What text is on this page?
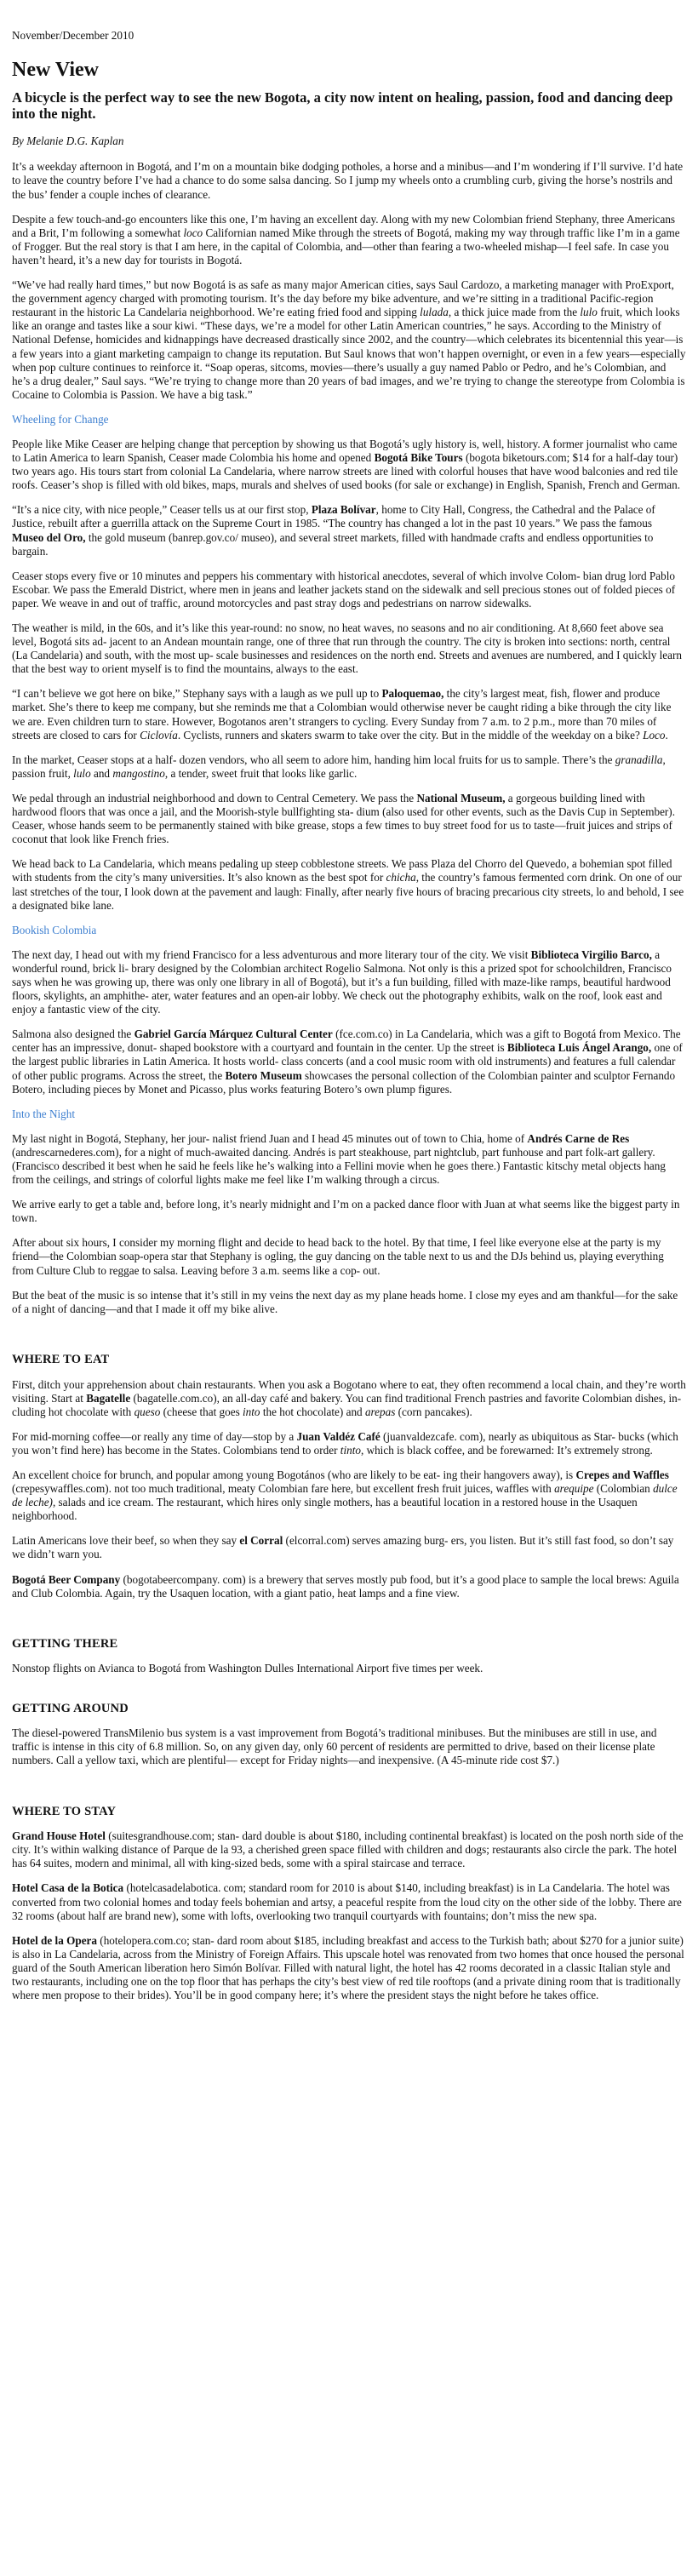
November/December 2010

New View
A bicycle is the perfect way to see the new Bogota, a city now intent on healing, passion, food and dancing deep into the night.

By Melanie D.G. Kaplan

It’s a weekday afternoon in Bogotá, and I’m on a mountain bike dodging potholes, a horse and a minibus—and I’m wondering if I’ll survive. I’d hate to leave the country before I’ve had a chance to do some salsa dancing. So I jump my wheels onto a crumbling curb, giving the horse’s nostrils and the bus’ fender a couple inches of clearance.

Despite a few touch-and-go encounters like this one, I’m having an excellent day. Along with my new Colombian friend Stephany, three Americans and a Brit, I’m following a somewhat loco Californian named Mike through the streets of Bogotá, making my way through traffic like I’m in a game of Frogger. But the real story is that I am here, in the capital of Colombia, and—other than fearing a two-wheeled mishap—I feel safe. In case you haven’t heard, it’s a new day for tourists in Bogotá.

“We’ve had really hard times,” but now Bogotá is as safe as many major American cities, says Saul Cardozo, a marketing manager with ProExport, the government agency charged with promoting tourism. It’s the day before my bike adventure, and we’re sitting in a traditional Pacific-region restaurant in the historic La Candelaria neighborhood. We’re eating fried food and sipping lulada, a thick juice made from the lulo fruit, which looks like an orange and tastes like a sour kiwi. “These days, we’re a model for other Latin American countries,” he says. According to the Ministry of National Defense, homicides and kidnappings have decreased drastically since 2002, and the country—which celebrates its bicentennial this year—is a few years into a giant marketing campaign to change its reputation. But Saul knows that won’t happen overnight, or even in a few years—especially when pop culture continues to reinforce it. “Soap operas, sitcoms, movies—there’s usually a guy named Pablo or Pedro, and he’s Colombian, and he’s a drug dealer,” Saul says. “We’re trying to change more than 20 years of bad images, and we’re trying to change the stereotype from Colombia is Cocaine to Colombia is Passion. We have a big task.”

Wheeling for Change

People like Mike Ceaser are helping change that perception by showing us that Bogotá’s ugly history is, well, history. A former journalist who came to Latin America to learn Spanish, Ceaser made Colombia his home and opened Bogotá Bike Tours (bogota biketours.com; $14 for a half-day tour) two years ago. His tours start from colonial La Candelaria, where narrow streets are lined with colorful houses that have wood balconies and red tile roofs. Ceaser’s shop is filled with old bikes, maps, murals and shelves of used books (for sale or exchange) in English, Spanish, French and German.

“It’s a nice city, with nice people,” Ceaser tells us at our first stop, Plaza Bolívar, home to City Hall, Congress, the Cathedral and the Palace of Justice, rebuilt after a guerrilla attack on the Supreme Court in 1985. “The country has changed a lot in the past 10 years.” We pass the famous Museo del Oro, the gold museum (banrep.gov.co/ museo), and several street markets, filled with handmade crafts and endless opportunities to bargain.

Ceaser stops every five or 10 minutes and peppers his commentary with historical anecdotes, several of which involve Colom- bian drug lord Pablo Escobar. We pass the Emerald District, where men in jeans and leather jackets stand on the sidewalk and sell precious stones out of folded pieces of paper. We weave in and out of traffic, around motorcycles and past stray dogs and pedestrians on narrow sidewalks.

The weather is mild, in the 60s, and it’s like this year-round: no snow, no heat waves, no seasons and no air conditioning. At 8,660 feet above sea level, Bogotá sits ad- jacent to an Andean mountain range, one of three that run through the country. The city is broken into sections: north, central (La Candelaria) and south, with the most up- scale businesses and residences on the north end. Streets and avenues are numbered, and I quickly learn that the best way to orient myself is to find the mountains, always to the east.

“I can’t believe we got here on bike,” Stephany says with a laugh as we pull up to Paloquemao, the city’s largest meat, fish, flower and produce market. She’s there to keep me company, but she reminds me that a Colombian would otherwise never be caught riding a bike through the city like we are. Even children turn to stare. However, Bogotanos aren’t strangers to cycling. Every Sunday from 7 a.m. to 2 p.m., more than 70 miles of streets are closed to cars for Ciclovía. Cyclists, runners and skaters swarm to take over the city. But in the middle of the weekday on a bike? Loco.

In the market, Ceaser stops at a half- dozen vendors, who all seem to adore him, handing him local fruits for us to sample. There’s the granadilla, passion fruit, lulo and mangostino, a tender, sweet fruit that looks like garlic.

We pedal through an industrial neighborhood and down to Central Cemetery. We pass the National Museum, a gorgeous building lined with hardwood floors that was once a jail, and the Moorish-style bullfighting sta- dium (also used for other events, such as the Davis Cup in September). Ceaser, whose hands seem to be permanently stained with bike grease, stops a few times to buy street food for us to taste—fruit juices and strips of coconut that look like French fries.

We head back to La Candelaria, which means pedaling up steep cobblestone streets. We pass Plaza del Chorro del Quevedo, a bohemian spot filled with students from the city’s many universities. It’s also known as the best spot for chicha, the country’s famous fermented corn drink. On one of our last stretches of the tour, I look down at the pavement and laugh: Finally, after nearly five hours of bracing precarious city streets, lo and behold, I see a designated bike lane.

Bookish Colombia

The next day, I head out with my friend Francisco for a less adventurous and more literary tour of the city. We visit Biblioteca Virgilio Barco, a wonderful round, brick li- brary designed by the Colombian architect Rogelio Salmona. Not only is this a prized spot for schoolchildren, Francisco says when he was growing up, there was only one library in all of Bogotá), but it’s a fun building, filled with maze-like ramps, beautiful hardwood floors, skylights, an amphithe- ater, water features and an open-air lobby. We check out the photography exhibits, walk on the roof, look east and enjoy a fantastic view of the city.

Salmona also designed the Gabriel García Márquez Cultural Center (fce.com.co) in La Candelaria, which was a gift to Bogotá from Mexico. The center has an impressive, donut- shaped bookstore with a courtyard and fountain in the center. Up the street is Biblioteca Luis Ángel Arango, one of the largest public libraries in Latin America. It hosts world- class concerts (and a cool music room with old instruments) and features a full calendar of other public programs. Across the street, the Botero Museum showcases the personal collection of the Colombian painter and sculptor Fernando Botero, including pieces by Monet and Picasso, plus works featuring Botero’s own plump figures.

Into the Night

My last night in Bogotá, Stephany, her jour- nalist friend Juan and I head 45 minutes out of town to Chia, home of Andrés Carne de Res (andrescarnederes.com), for a night of much-awaited dancing. Andrés is part steakhouse, part nightclub, part funhouse and part folk-art gallery. (Francisco described it best when he said he feels like he’s walking into a Fellini movie when he goes there.) Fantastic kitschy metal objects hang from the ceilings, and strings of colorful lights make me feel like I’m walking through a circus.

We arrive early to get a table and, before long, it’s nearly midnight and I’m on a packed dance floor with Juan at what seems like the biggest party in town.

After about six hours, I consider my morning flight and decide to head back to the hotel. By that time, I feel like everyone else at the party is my friend—the Colombian soap-opera star that Stephany is ogling, the guy dancing on the table next to us and the DJs behind us, playing everything from Culture Club to reggae to salsa. Leaving before 3 a.m. seems like a cop- out.

But the beat of the music is so intense that it’s still in my veins the next day as my plane heads home. I close my eyes and am thankful—for the sake of a night of dancing—and that I made it off my bike alive.

WHERE TO EAT

First, ditch your apprehension about chain restaurants. When you ask a Bogotano where to eat, they often recommend a local chain, and they’re worth visiting. Start at Bagatelle (bagatelle.com.co), an all-day café and bakery. You can find traditional French pastries and favorite Colombian dishes, in- cluding hot chocolate with queso (cheese that goes into the hot chocolate) and arepas (corn pancakes).

For mid-morning coffee—or really any time of day—stop by a Juan Valdéz Café (juanvaldezcafe. com), nearly as ubiquitous as Star- bucks (which you won’t find here) has become in the States. Colombians tend to order tinto, which is black coffee, and be forewarned: It’s extremely strong.

An excellent choice for brunch, and popular among young Bogotános (who are likely to be eat- ing their hangovers away), is Crepes and Waffles (crepesywaffles.com). not too much traditional, meaty Colombian fare here, but excellent fresh fruit juices, waffles with arequipe (Colombian dulce de leche), salads and ice cream. The restaurant, which hires only single mothers, has a beautiful location in a restored house in the Usaquen neighborhood.

Latin Americans love their beef, so when they say el Corral (elcorral.com) serves amazing burg- ers, you listen. But it’s still fast food, so don’t say we didn’t warn you.

Bogotá Beer Company (bogotabeercompany. com) is a brewery that serves mostly pub food, but it’s a good place to sample the local brews: Aguila and Club Colombia. Again, try the Usaquen location, with a giant patio, heat lamps and a fine view.

GETTING THERE

Nonstop flights on Avianca to Bogotá from Washington Dulles International Airport five times per week.

GETTING AROUND

The diesel-powered TransMilenio bus system is a vast improvement from Bogotá’s traditional minibuses. But the minibuses are still in use, and traffic is intense in this city of 6.8 million. So, on any given day, only 60 percent of residents are permitted to drive, based on their license plate numbers. Call a yellow taxi, which are plentiful— except for Friday nights—and inexpensive. (A 45-minute ride cost $7.)

WHERE TO STAY

Grand House Hotel (suitesgrandhouse.com; stan- dard double is about $180, including continental breakfast) is located on the posh north side of the city. It’s within walking distance of Parque de la 93, a cherished green space filled with children and dogs; restaurants also circle the park. The hotel has 64 suites, modern and minimal, all with king-sized beds, some with a spiral staircase and terrace.

Hotel Casa de la Botica (hotelcasadelabotica. com; standard room for 2010 is about $140, including breakfast) is in La Candelaria. The hotel was converted from two colonial homes and today feels bohemian and artsy, a peaceful respite from the loud city on the other side of the lobby. There are 32 rooms (about half are brand new), some with lofts, overlooking two tranquil courtyards with fountains; don’t miss the new spa.

Hotel de la Opera (hotelopera.com.co; stan- dard room about $185, including breakfast and access to the Turkish bath; about $270 for a junior suite) is also in La Candelaria, across from the Ministry of Foreign Affairs. This upscale hotel was renovated from two homes that once housed the personal guard of the South American liberation hero Simón Bolívar. Filled with natural light, the hotel has 42 rooms decorated in a classic Italian style and two restaurants, including one on the top floor that has perhaps the city’s best view of red tile rooftops (and a private dining room that is traditionally where men propose to their brides). You’ll be in good company here; it’s where the president stays the night before he takes office.
